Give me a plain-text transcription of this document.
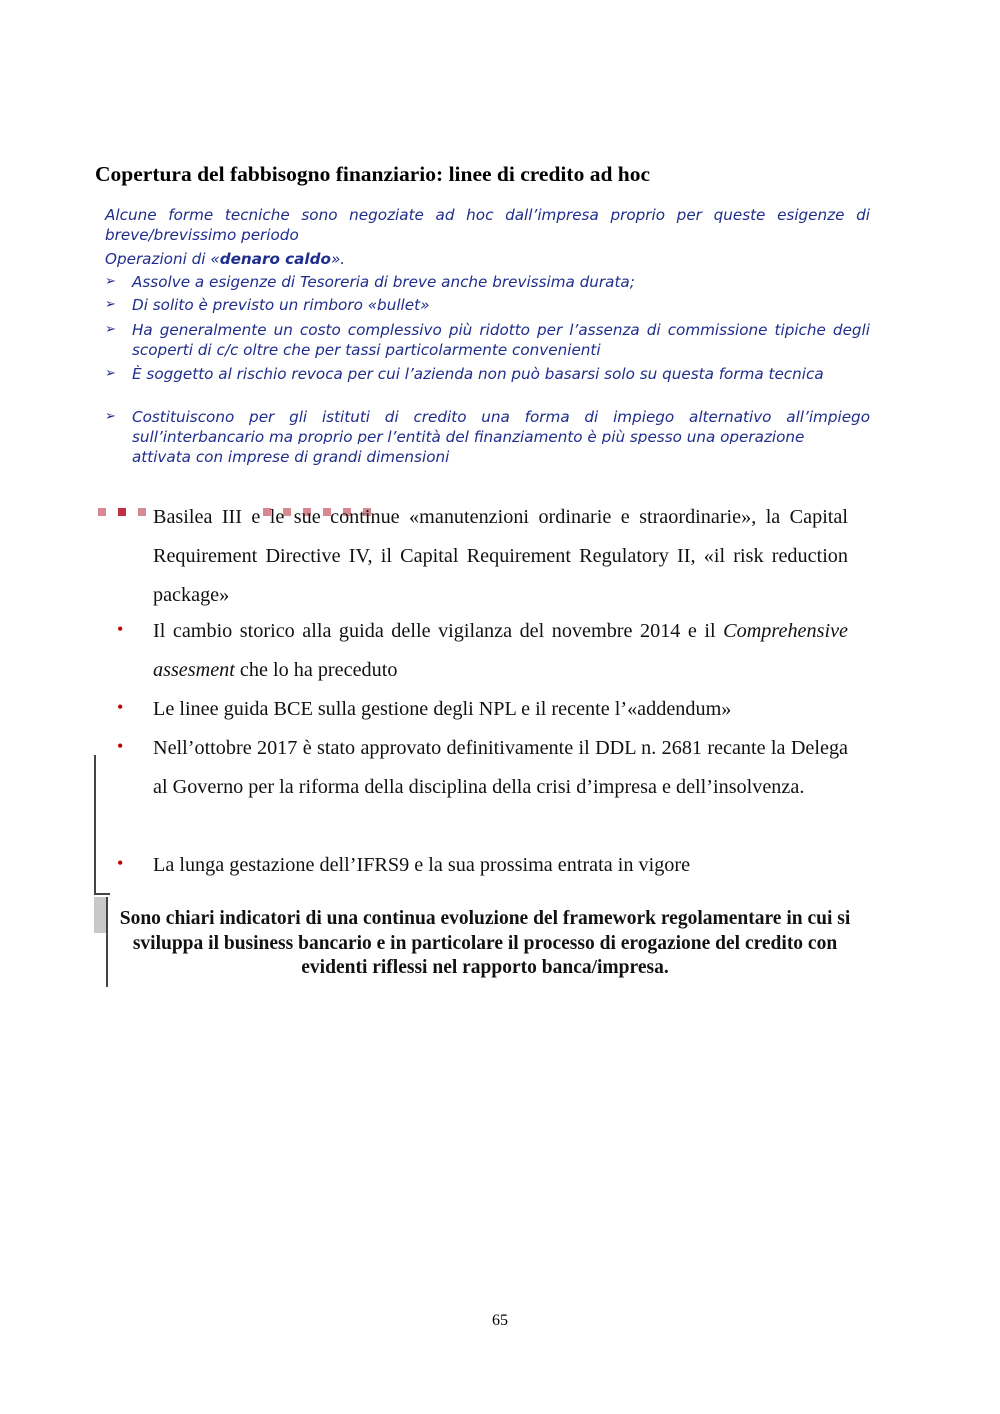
Copertura del fabbisogno finanziario: linee di credito ad hoc
Alcune forme tecniche sono negoziate ad hoc dall’impresa proprio per queste esigenze di breve/brevissimo periodo
Operazioni di «denaro caldo».
➢	Assolve a esigenze di Tesoreria di breve anche brevissima durata;
➢	Di solito è previsto un rimboro «bullet»
➢	Ha generalmente un costo complessivo più ridotto per l’assenza di commissione tipiche degli scoperti di c/c oltre che per tassi particolarmente convenienti
➢	È soggetto al rischio revoca per cui l’azienda non può basarsi solo su questa forma tecnica
➢	Costituiscono per gli istituti di credito una forma di impiego alternativo all’impiego sull’interbancario ma proprio per l’entità del finanziamento è più spesso una operazione
attivata con imprese di grandi dimensioni
Basilea III e le sue continue «manutenzioni ordinarie e straordinarie», la Capital
Requirement Directive IV, il Capital Requirement Regulatory II, «il risk reduction package»
• Il cambio storico alla guida delle vigilanza del novembre 2014 e il Comprehensive assesment che lo ha preceduto
• Le linee guida BCE sulla gestione degli NPL e il recente l’«addendum»
• Nell’ottobre 2017 è stato approvato definitivamente il DDL n. 2681 recante la Delega al Governo per la riforma della disciplina della crisi d’impresa e dell’insolvenza.
• La lunga gestazione dell’IFRS9 e la sua prossima entrata in vigore
Sono chiari indicatori di una continua evoluzione del framework regolamentare in cui si sviluppa il business bancario e in particolare il processo di erogazione del credito con evidenti riflessi nel rapporto banca/impresa.
65
